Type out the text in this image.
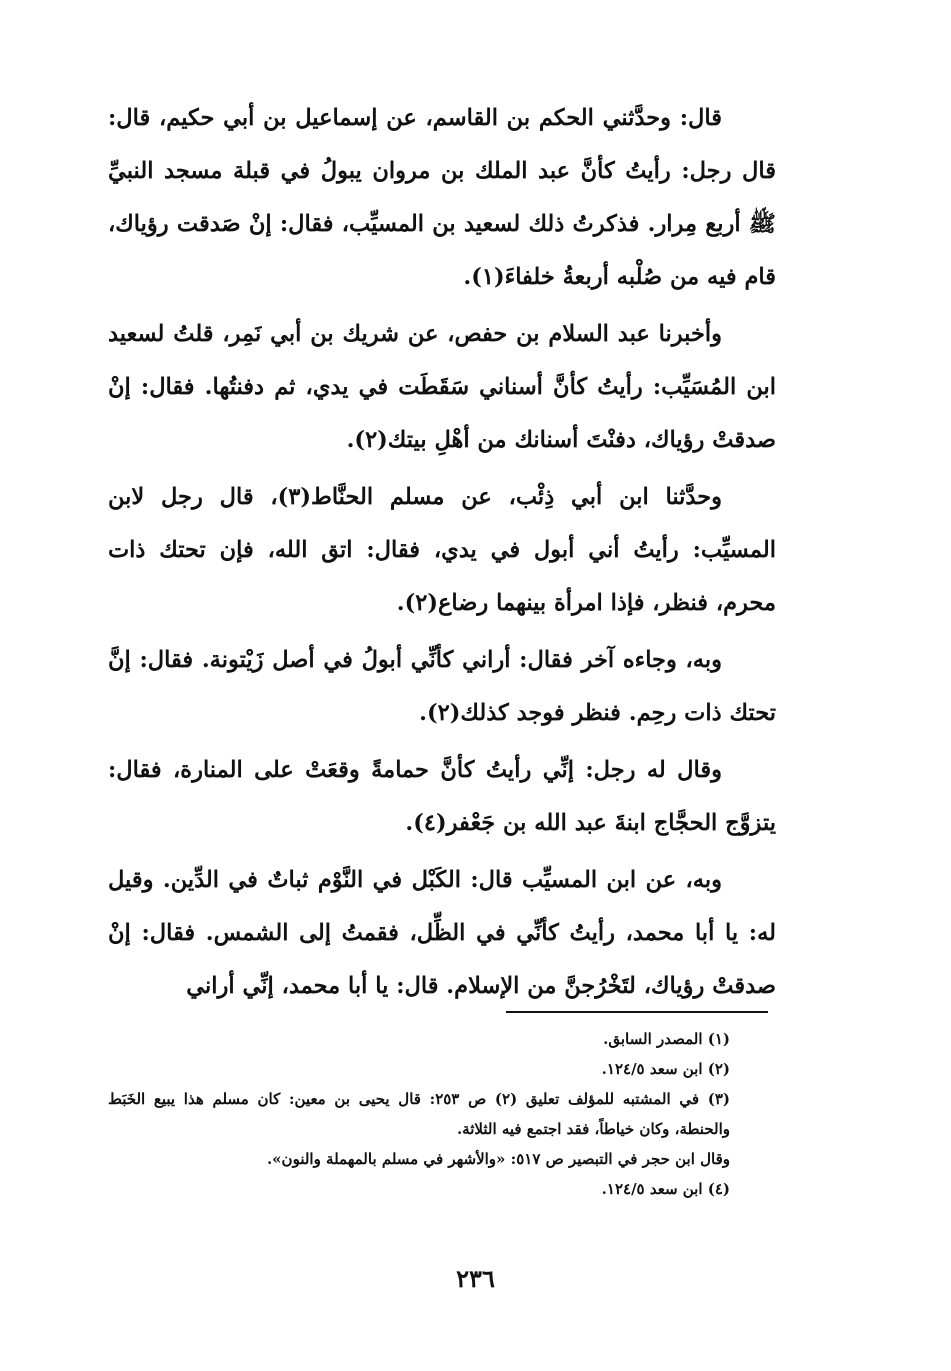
قال: وحدَّثني الحكم بن القاسم، عن إسماعيل بن أبي حكيم، قال: قال رجل: رأيتُ كأنَّ عبد الملك بن مروان يبولُ في قبلة مسجد النبيِّ ﷺ أربع مِرار. فذكرتُ ذلك لسعيد بن المسيِّب، فقال: إنْ صَدقت رؤياك، قام فيه من صُلْبه أربعةُ خلفاءَ(١).

وأخبرنا عبد السلام بن حفص، عن شريك بن أبي نَمِر، قلتُ لسعيد ابن المُسَيِّب: رأيتُ كأنَّ أسناني سَقَطَت في يدي، ثم دفنتُها. فقال: إنْ صدقتْ رؤياك، دفنْتَ أسنانك من أهْلِ بيتك(٢).

وحدَّثنا ابن أبي ذِئْب، عن مسلم الحنَّاط(٣)، قال رجل لابن المسيِّب: رأيتُ أني أبول في يدي، فقال: اتق الله، فإن تحتك ذات محرم، فنظر، فإذا امرأة بينهما رضاع(٢).

وبه، وجاءه آخر فقال: أراني كأنِّي أبولُ في أصل زَيْتونة. فقال: إنَّ تحتك ذات رحِم. فنظر فوجد كذلك(٢).

وقال له رجل: إنِّي رأيتُ كأنَّ حمامةً وقعَتْ على المنارة، فقال: يتزوَّج الحجَّاج ابنةَ عبد الله بن جَعْفر(٤).

وبه، عن ابن المسيِّب قال: الكَبْل في النَّوْم ثباتٌ في الدِّين. وقيل له: يا أبا محمد، رأيتُ كأنِّي في الظِّل، فقمتُ إلى الشمس. فقال: إنْ صدقتْ رؤياك، لتَخْرُجنَّ من الإسلام. قال: يا أبا محمد، إنِّي أراني

(١) المصدر السابق.

(٢) ابن سعد ١٢٤/٥.

(٣) في المشتبه للمؤلف تعليق (٢) ص ٢٥٣: قال يحيى بن معين: كان مسلم هذا يبيع الخَبَط والحنطة، وكان خياطاً، فقد اجتمع فيه الثلاثة.

وقال ابن حجر في التبصير ص ٥١٧: «والأشهر في مسلم بالمهملة والنون».

(٤) ابن سعد ١٢٤/٥.

٢٣٦
